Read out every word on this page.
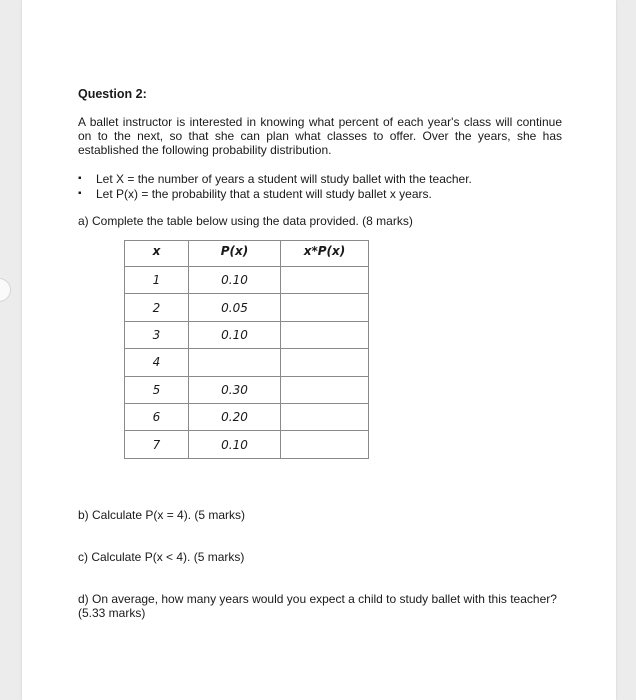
Question 2:

A ballet instructor is interested in knowing what percent of each year's class will continue on to the next, so that she can plan what classes to offer. Over the years, she has established the following probability distribution.

▪ Let X = the number of years a student will study ballet with the teacher.
▪ Let P(x) = the probability that a student will study ballet x years.
a) Complete the table below using the data provided. (8 marks)
x	P(x)	x*P(x)
1	0.10	
2	0.05	
3	0.10	
4		
5	0.30	
6	0.20	
7	0.10	
b) Calculate P(x = 4). (5 marks)
c) Calculate P(x < 4). (5 marks)
d) On average, how many years would you expect a child to study ballet with this teacher? (5.33 marks)
